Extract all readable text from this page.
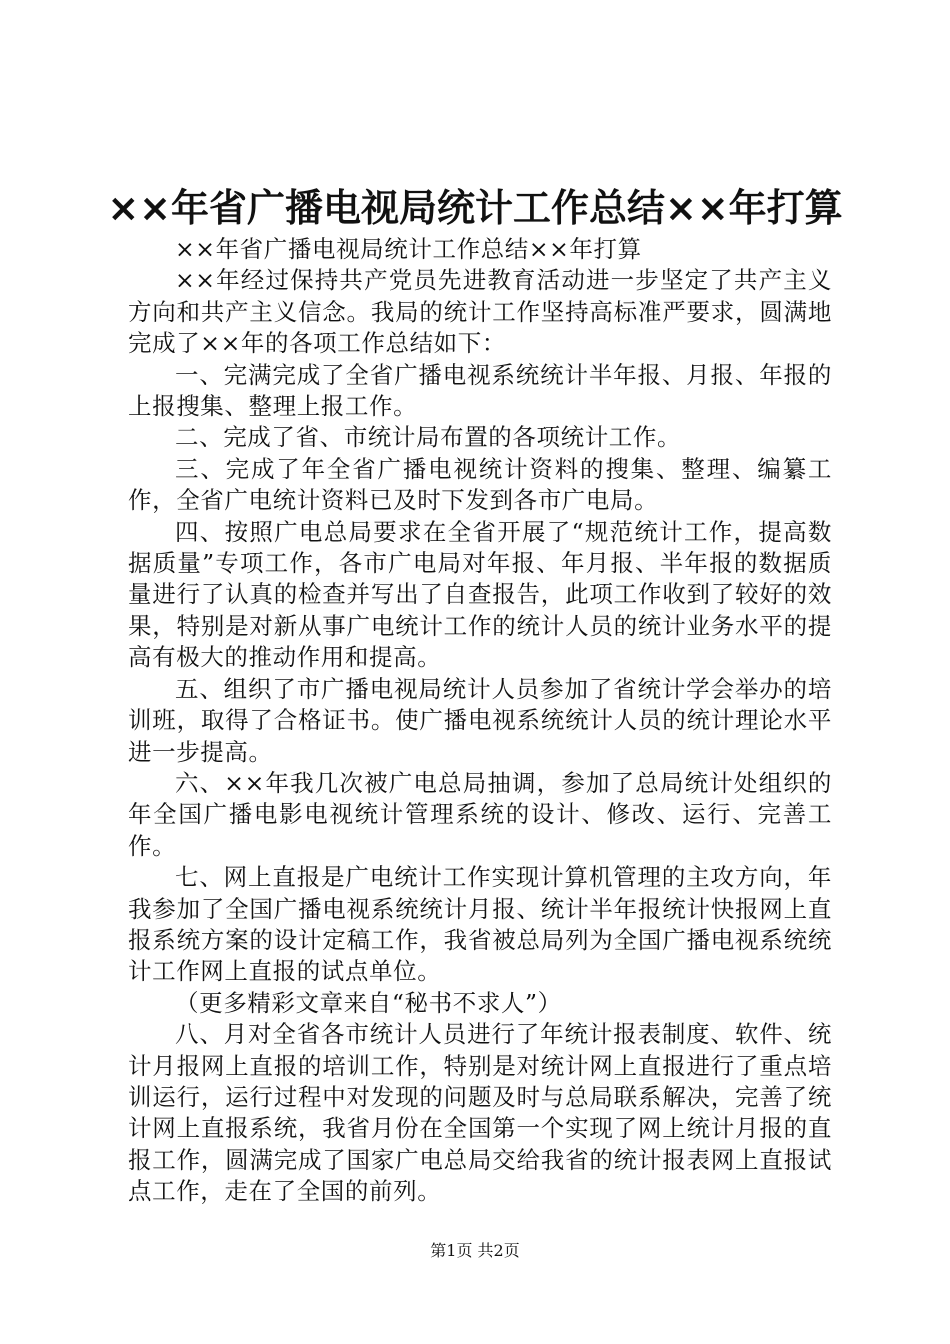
××年省广播电视局统计工作总结××年打算

××年省广播电视局统计工作总结××年打算

××年经过保持共产党员先进教育活动进一步坚定了共产主义方向和共产主义信念。我局的统计工作坚持高标准严要求，圆满地完成了××年的各项工作总结如下：

一、完满完成了全省广播电视系统统计半年报、月报、年报的上报搜集、整理上报工作。

二、完成了省、市统计局布置的各项统计工作。

三、完成了年全省广播电视统计资料的搜集、整理、编纂工作，全省广电统计资料已及时下发到各市广电局。

四、按照广电总局要求在全省开展了“规范统计工作，提高数据质量”专项工作，各市广电局对年报、年月报、半年报的数据质量进行了认真的检查并写出了自查报告，此项工作收到了较好的效果，特别是对新从事广电统计工作的统计人员的统计业务水平的提高有极大的推动作用和提高。

五、组织了市广播电视局统计人员参加了省统计学会举办的培训班，取得了合格证书。使广播电视系统统计人员的统计理论水平进一步提高。

六、××年我几次被广电总局抽调，参加了总局统计处组织的年全国广播电影电视统计管理系统的设计、修改、运行、完善工作。

七、网上直报是广电统计工作实现计算机管理的主攻方向，年我参加了全国广播电视系统统计月报、统计半年报统计快报网上直报系统方案的设计定稿工作，我省被总局列为全国广播电视系统统计工作网上直报的试点单位。

（更多精彩文章来自“秘书不求人”）

八、月对全省各市统计人员进行了年统计报表制度、软件、统计月报网上直报的培训工作，特别是对统计网上直报进行了重点培训运行，运行过程中对发现的问题及时与总局联系解决，完善了统计网上直报系统，我省月份在全国第一个实现了网上统计月报的直报工作，圆满完成了国家广电总局交给我省的统计报表网上直报试点工作，走在了全国的前列。

第1页 共2页
